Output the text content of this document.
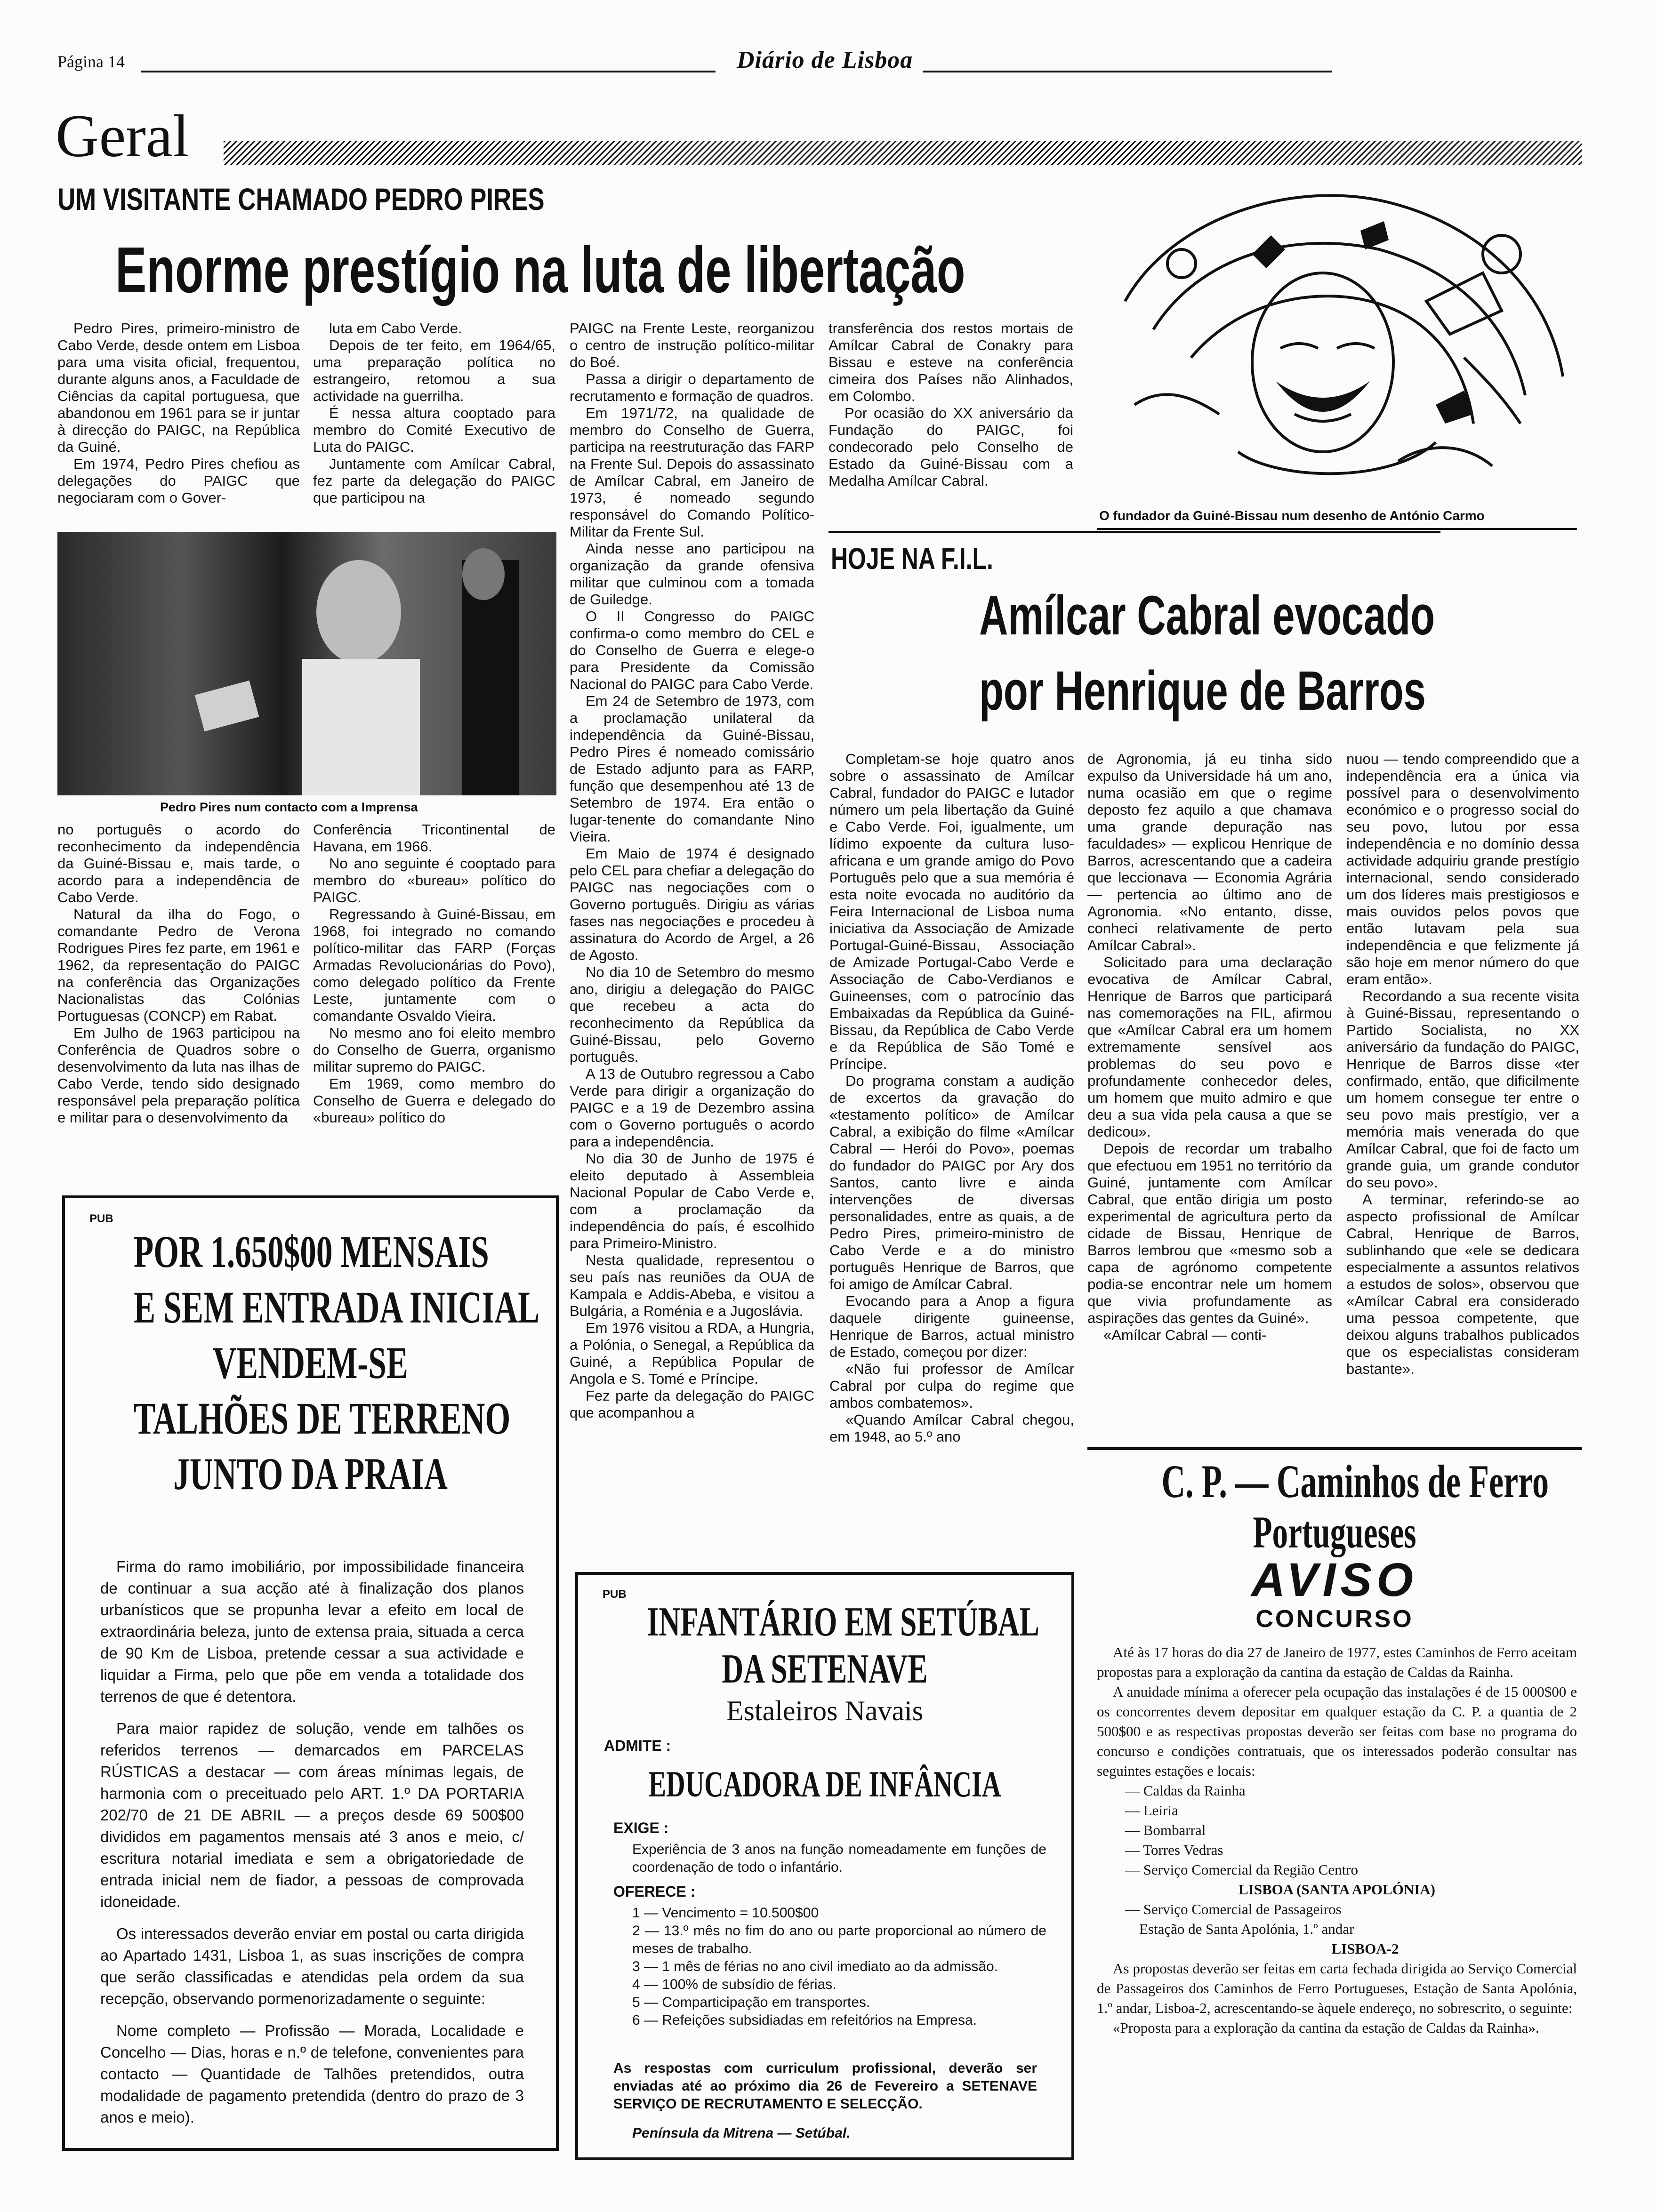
Página 14	Diário de Lisboa
Geral
UM VISITANTE CHAMADO PEDRO PIRES
Enorme prestígio na luta de libertação

Pedro Pires, primeiro-ministro de Cabo Verde, desde ontem em Lisboa para uma visita oficial, frequentou, durante alguns anos, a Faculdade de Ciências da capital portuguesa, que abandonou em 1961 para se ir juntar à direcção do PAIGC, na República da Guiné.

Em 1974, Pedro Pires chefiou as delegações do PAIGC que negociaram com o Gover-

luta em Cabo Verde.

Depois de ter feito, em 1964/65, uma preparação política no estrangeiro, retomou a sua actividade na guerrilha.

É nessa altura cooptado para membro do Comité Executivo de Luta do PAIGC.

Juntamente com Amílcar Cabral, fez parte da delegação do PAIGC que participou na

Pedro Pires num contacto com a Imprensa

no português o acordo do reconhecimento da independência da Guiné-Bissau e, mais tarde, o acordo para a independência de Cabo Verde.

Natural da ilha do Fogo, o comandante Pedro de Verona Rodrigues Pires fez parte, em 1961 e 1962, da representação do PAIGC na conferência das Organizações Nacionalistas das Colónias Portuguesas (CONCP) em Rabat.

Em Julho de 1963 participou na Conferência de Quadros sobre o desenvolvimento da luta nas ilhas de Cabo Verde, tendo sido designado responsável pela preparação política e militar para o desenvolvimento da

Conferência Tricontinental de Havana, em 1966.

No ano seguinte é cooptado para membro do «bureau» político do PAIGC.

Regressando à Guiné-Bissau, em 1968, foi integrado no comando político-militar das FARP (Forças Armadas Revolucionárias do Povo), como delegado político da Frente Leste, juntamente com o comandante Osvaldo Vieira.

No mesmo ano foi eleito membro do Conselho de Guerra, organismo militar supremo do PAIGC.

Em 1969, como membro do Conselho de Guerra e delegado do «bureau» político do

PAIGC na Frente Leste, reorganizou o centro de instrução político-militar do Boé.

Passa a dirigir o departamento de recrutamento e formação de quadros.

Em 1971/72, na qualidade de membro do Conselho de Guerra, participa na reestruturação das FARP na Frente Sul. Depois do assassinato de Amílcar Cabral, em Janeiro de 1973, é nomeado segundo responsável do Comando Político-Militar da Frente Sul.

Ainda nesse ano participou na organização da grande ofensiva militar que culminou com a tomada de Guiledge.

O II Congresso do PAIGC confirma-o como membro do CEL e do Conselho de Guerra e elege-o para Presidente da Comissão Nacional do PAIGC para Cabo Verde.

Em 24 de Setembro de 1973, com a proclamação unilateral da independência da Guiné-Bissau, Pedro Pires é nomeado comissário de Estado adjunto para as FARP, função que desempenhou até 13 de Setembro de 1974. Era então o lugar-tenente do comandante Nino Vieira.

Em Maio de 1974 é designado pelo CEL para chefiar a delegação do PAIGC nas negociações com o Governo português. Dirigiu as várias fases nas negociações e procedeu à assinatura do Acordo de Argel, a 26 de Agosto.

No dia 10 de Setembro do mesmo ano, dirigiu a delegação do PAIGC que recebeu a acta do reconhecimento da República da Guiné-Bissau, pelo Governo português.

A 13 de Outubro regressou a Cabo Verde para dirigir a organização do PAIGC e a 19 de Dezembro assina com o Governo português o acordo para a independência.

No dia 30 de Junho de 1975 é eleito deputado à Assembleia Nacional Popular de Cabo Verde e, com a proclamação da independência do país, é escolhido para Primeiro-Ministro.

Nesta qualidade, representou o seu país nas reuniões da OUA de Kampala e Addis-Abeba, e visitou a Bulgária, a Roménia e a Jugoslávia.

Em 1976 visitou a RDA, a Hungria, a Polónia, o Senegal, a República da Guiné, a República Popular de Angola e S. Tomé e Príncipe.

Fez parte da delegação do PAIGC que acompanhou a

transferência dos restos mortais de Amílcar Cabral de Conakry para Bissau e esteve na conferência cimeira dos Países não Alinhados, em Colombo.

Por ocasião do XX aniversário da Fundação do PAIGC, foi condecorado pelo Conselho de Estado da Guiné-Bissau com a Medalha Amílcar Cabral.

O fundador da Guiné-Bissau num desenho de António Carmo
HOJE NA F.I.L.
Amílcar Cabral evocado
por Henrique de Barros

Completam-se hoje quatro anos sobre o assassinato de Amílcar Cabral, fundador do PAIGC e lutador número um pela libertação da Guiné e Cabo Verde. Foi, igualmente, um lídimo expoente da cultura luso-africana e um grande amigo do Povo Português pelo que a sua memória é esta noite evocada no auditório da Feira Internacional de Lisboa numa iniciativa da Associação de Amizade Portugal-Guiné-Bissau, Associação de Amizade Portugal-Cabo Verde e Associação de Cabo-Verdianos e Guineenses, com o patrocínio das Embaixadas da República da Guiné-Bissau, da República de Cabo Verde e da República de São Tomé e Príncipe.

Do programa constam a audição de excertos da gravação do «testamento político» de Amílcar Cabral, a exibição do filme «Amílcar Cabral — Herói do Povo», poemas do fundador do PAIGC por Ary dos Santos, canto livre e ainda intervenções de diversas personalidades, entre as quais, a de Pedro Pires, primeiro-ministro de Cabo Verde e a do ministro português Henrique de Barros, que foi amigo de Amílcar Cabral.

Evocando para a Anop a figura daquele dirigente guineense, Henrique de Barros, actual ministro de Estado, começou por dizer:

«Não fui professor de Amílcar Cabral por culpa do regime que ambos combatemos».

«Quando Amílcar Cabral chegou, em 1948, ao 5.º ano

de Agronomia, já eu tinha sido expulso da Universidade há um ano, numa ocasião em que o regime deposto fez aquilo a que chamava uma grande depuração nas faculdades» — explicou Henrique de Barros, acrescentando que a cadeira que leccionava — Economia Agrária — pertencia ao último ano de Agronomia. «No entanto, disse, conheci relativamente de perto Amílcar Cabral».

Solicitado para uma declaração evocativa de Amílcar Cabral, Henrique de Barros que participará nas comemorações na FIL, afirmou que «Amílcar Cabral era um homem extremamente sensível aos problemas do seu povo e profundamente conhecedor deles, um homem que muito admiro e que deu a sua vida pela causa a que se dedicou».

Depois de recordar um trabalho que efectuou em 1951 no território da Guiné, juntamente com Amílcar Cabral, que então dirigia um posto experimental de agricultura perto da cidade de Bissau, Henrique de Barros lembrou que «mesmo sob a capa de agrónomo competente podia-se encontrar nele um homem que vivia profundamente as aspirações das gentes da Guiné».

«Amílcar Cabral — conti-

nuou — tendo compreendido que a independência era a única via possível para o desenvolvimento económico e o progresso social do seu povo, lutou por essa independência e no domínio dessa actividade adquiriu grande prestígio internacional, sendo considerado um dos líderes mais prestigiosos e mais ouvidos pelos povos que então lutavam pela sua independência e que felizmente já são hoje em menor número do que eram então».

Recordando a sua recente visita à Guiné-Bissau, representando o Partido Socialista, no XX aniversário da fundação do PAIGC, Henrique de Barros disse «ter confirmado, então, que dificilmente um homem consegue ter entre o seu povo mais prestígio, ver a memória mais venerada do que Amílcar Cabral, que foi de facto um grande guia, um grande condutor do seu povo».

A terminar, referindo-se ao aspecto profissional de Amílcar Cabral, Henrique de Barros, sublinhando que «ele se dedicara especialmente a assuntos relativos a estudos de solos», observou que «Amílcar Cabral era considerado uma pessoa competente, que deixou alguns trabalhos publicados que os especialistas consideram bastante».

PUB
POR 1.650$00 MENSAIS
E SEM ENTRADA INICIAL
VENDEM-SE
TALHÕES DE TERRENO
JUNTO DA PRAIA

Firma do ramo imobiliário, por impossibilidade financeira de continuar a sua acção até à finalização dos planos urbanísticos que se propunha levar a efeito em local de extraordinária beleza, junto de extensa praia, situada a cerca de 90 Km de Lisboa, pretende cessar a sua actividade e liquidar a Firma, pelo que põe em venda a totalidade dos terrenos de que é detentora.

Para maior rapidez de solução, vende em talhões os referidos terrenos — demarcados em PARCELAS RÚSTICAS a destacar — com áreas mínimas legais, de harmonia com o preceituado pelo ART. 1.º DA PORTARIA 202/70 de 21 DE ABRIL — a preços desde 69 500$00 divididos em pagamentos mensais até 3 anos e meio, c/ escritura notarial imediata e sem a obrigatoriedade de entrada inicial nem de fiador, a pessoas de comprovada idoneidade.

Os interessados deverão enviar em postal ou carta dirigida ao Apartado 1431, Lisboa 1, as suas inscrições de compra que serão classificadas e atendidas pela ordem da sua recepção, observando pormenorizadamente o seguinte:

Nome completo — Profissão — Morada, Localidade e Concelho — Dias, horas e n.º de telefone, convenientes para contacto — Quantidade de Talhões pretendidos, outra modalidade de pagamento pretendida (dentro do prazo de 3 anos e meio).

PUB
INFANTÁRIO EM SETÚBAL
DA SETENAVE
Estaleiros Navais
ADMITE :
EDUCADORA DE INFÂNCIA
EXIGE :
Experiência de 3 anos na função nomeadamente em funções de coordenação de todo o infantário.
OFERECE :

1 — Vencimento = 10.500$00

2 — 13.º mês no fim do ano ou parte proporcional ao número de meses de trabalho.

3 — 1 mês de férias no ano civil imediato ao da admissão.

4 — 100% de subsídio de férias.

5 — Comparticipação em transportes.

6 — Refeições subsidiadas em refeitórios na Empresa.

As respostas com curriculum profissional, deverão ser enviadas até ao próximo dia 26 de Fevereiro a SETENAVE SERVIÇO DE RECRUTAMENTO E SELECÇÃO.
Península da Mitrena — Setúbal.
C. P. — Caminhos de Ferro
Portugueses
AVISO
CONCURSO

Até às 17 horas do dia 27 de Janeiro de 1977, estes Caminhos de Ferro aceitam propostas para a exploração da cantina da estação de Caldas da Rainha.

A anuidade mínima a oferecer pela ocupação das instalações é de 15 000$00 e os concorrentes devem depositar em qualquer estação da C. P. a quantia de 2 500$00 e as respectivas propostas deverão ser feitas com base no programa do concurso e condições contratuais, que os interessados poderão consultar nas seguintes estações e locais:

— Caldas da Rainha
— Leiria
— Bombarral
— Torres Vedras
— Serviço Comercial da Região Centro
LISBOA (SANTA APOLÓNIA)
— Serviço Comercial de Passageiros
Estação de Santa Apolónia, 1.º andar
LISBOA-2

As propostas deverão ser feitas em carta fechada dirigida ao Serviço Comercial de Passageiros dos Caminhos de Ferro Portugueses, Estação de Santa Apolónia, 1.º andar, Lisboa-2, acrescentando-se àquele endereço, no sobrescrito, o seguinte:

«Proposta para a exploração da cantina da estação de Caldas da Rainha».
